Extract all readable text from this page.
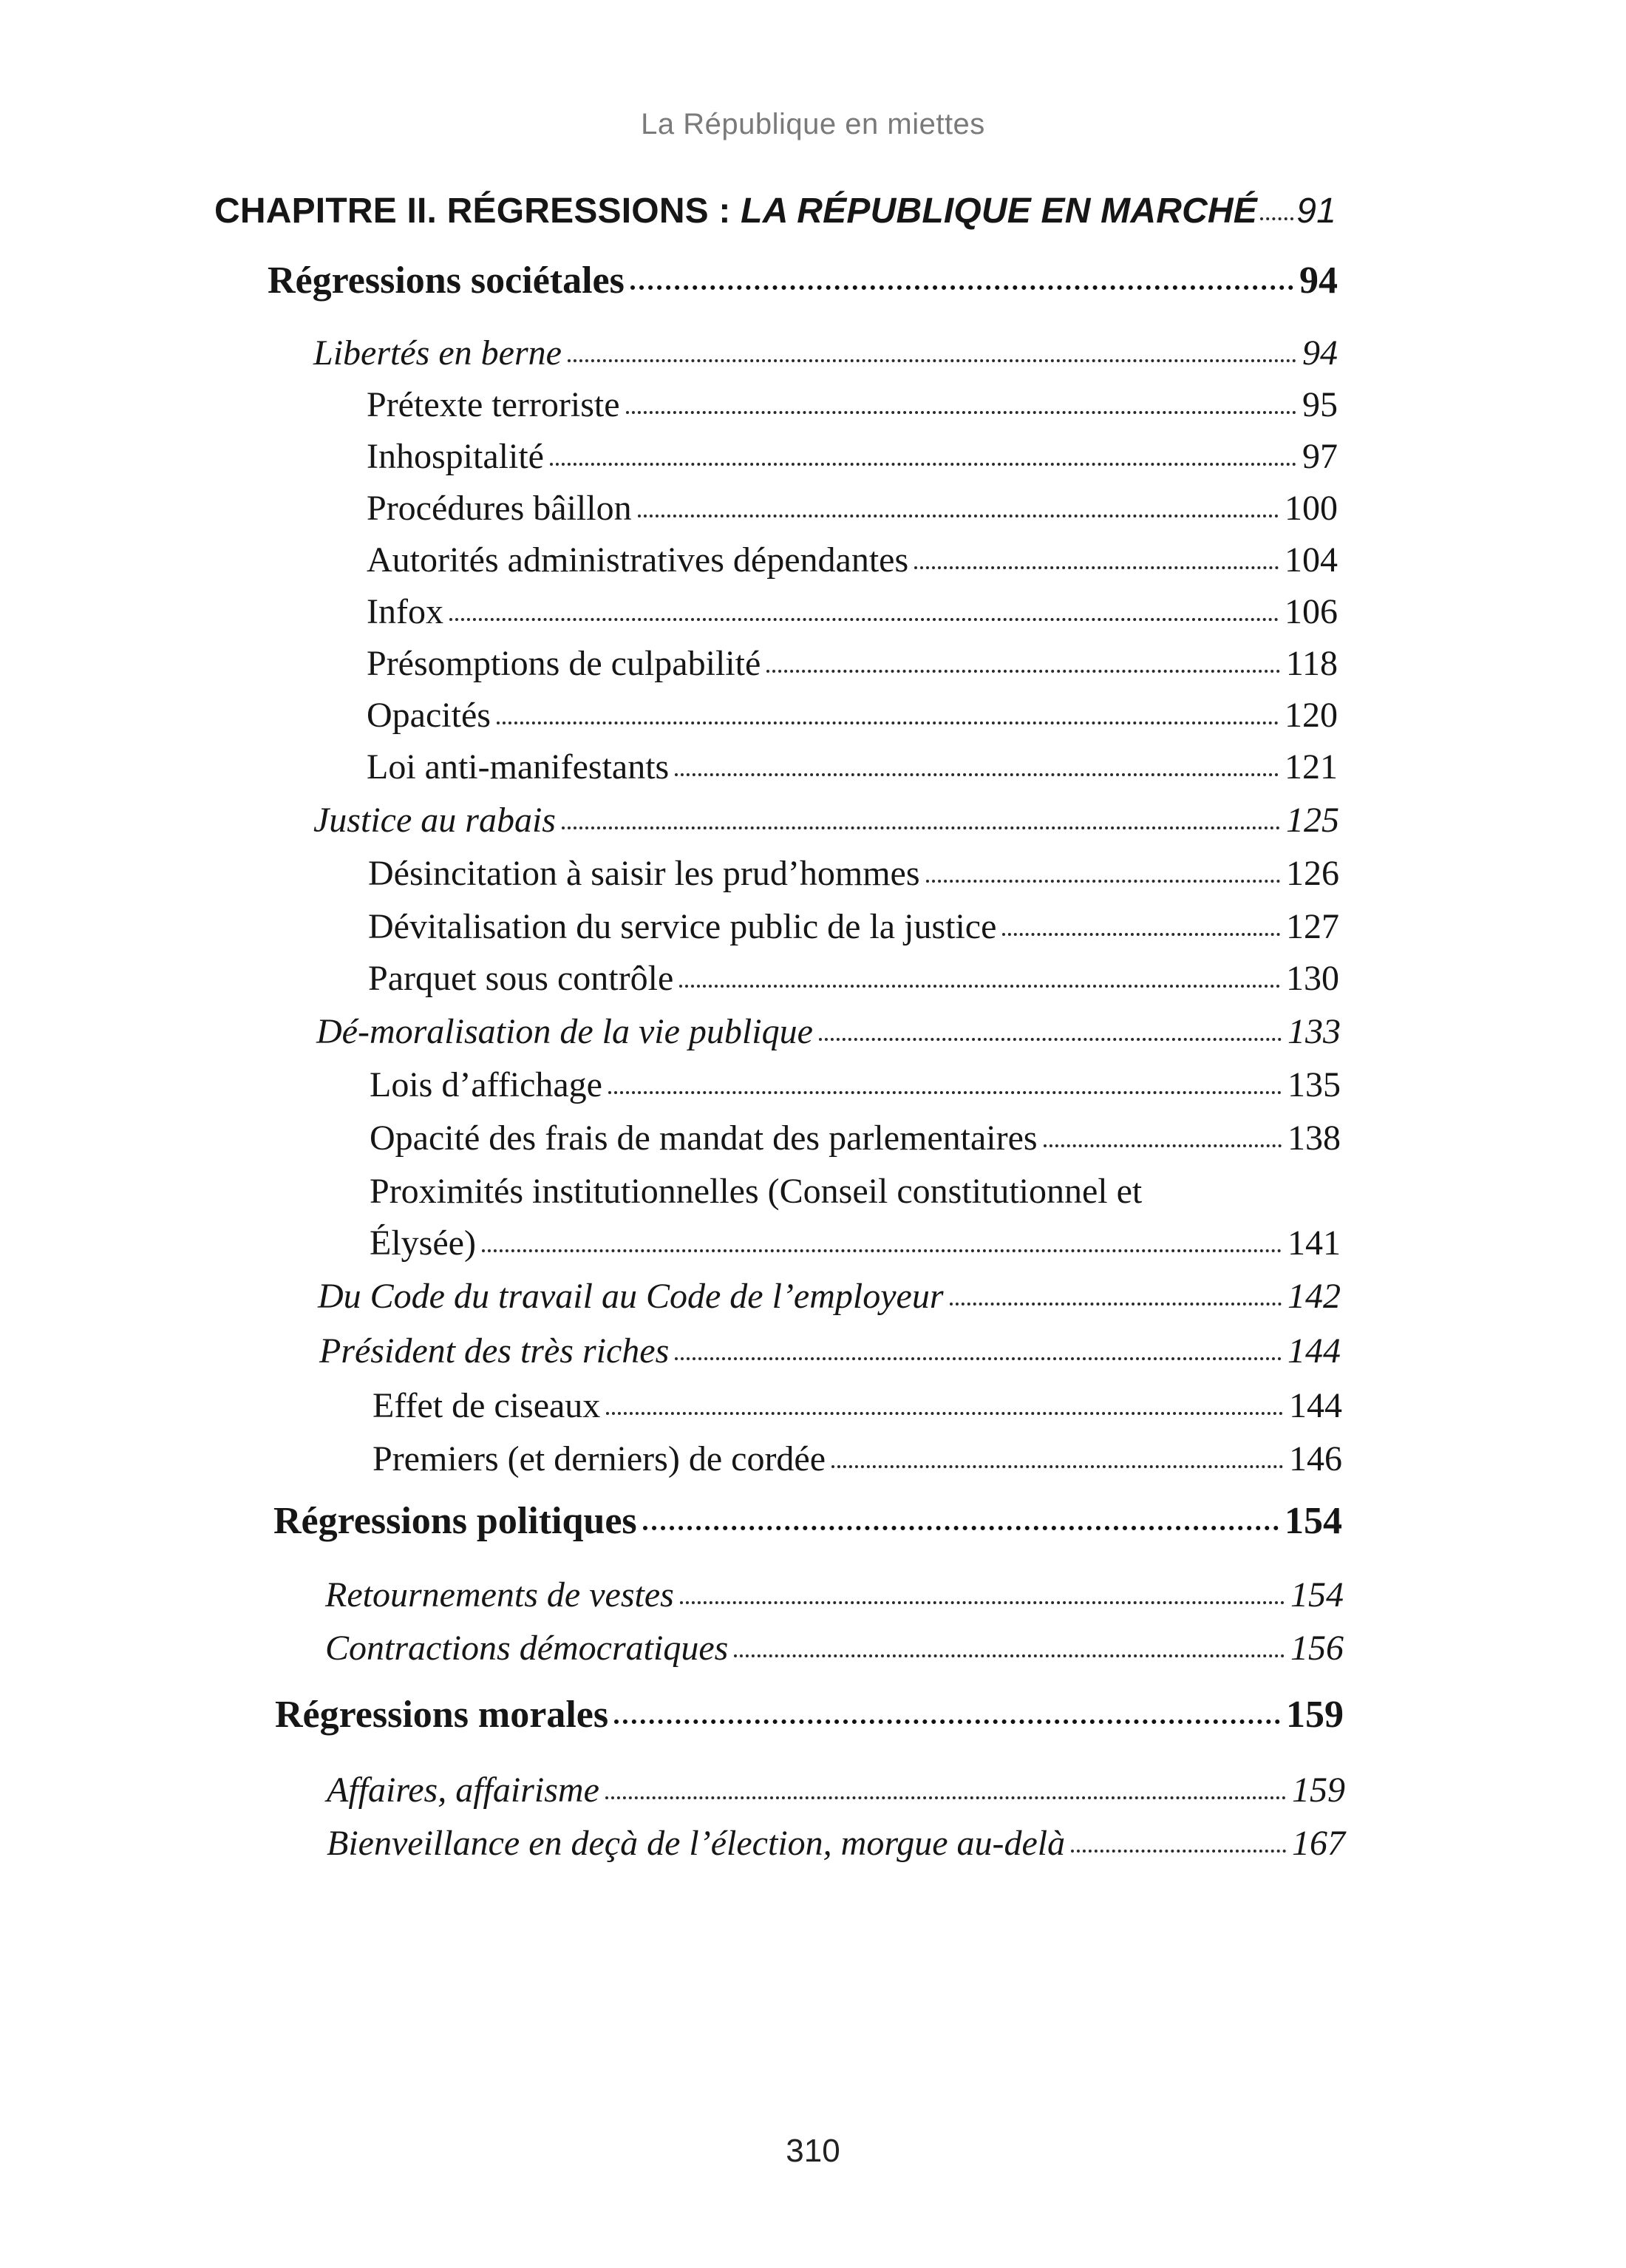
La République en miettes
CHAPITRE II. RÉGRESSIONS : LA RÉPUBLIQUE EN MARCHÉ 91
Régressions sociétales	94
Libertés en berne	94
Prétexte terroriste	95
Inhospitalité	97
Procédures bâillon	100
Autorités administratives dépendantes	104
Infox	106
Présomptions de culpabilité	118
Opacités	120
Loi anti-manifestants	121
Justice au rabais	125
Désincitation à saisir les prud’hommes	126
Dévitalisation du service public de la justice	127
Parquet sous contrôle	130
Dé-moralisation de la vie publique	133
Lois d’affichage	135
Opacité des frais de mandat des parlementaires	138
Proximités institutionnelles (Conseil constitutionnel et
Élysée)	141
Du Code du travail au Code de l’employeur	142
Président des très riches	144
Effet de ciseaux	144
Premiers (et derniers) de cordée	146
Régressions politiques	154
Retournements de vestes	154
Contractions démocratiques	156
Régressions morales	159
Affaires, affairisme	159
Bienveillance en deçà de l’élection, morgue au-delà	167
310
